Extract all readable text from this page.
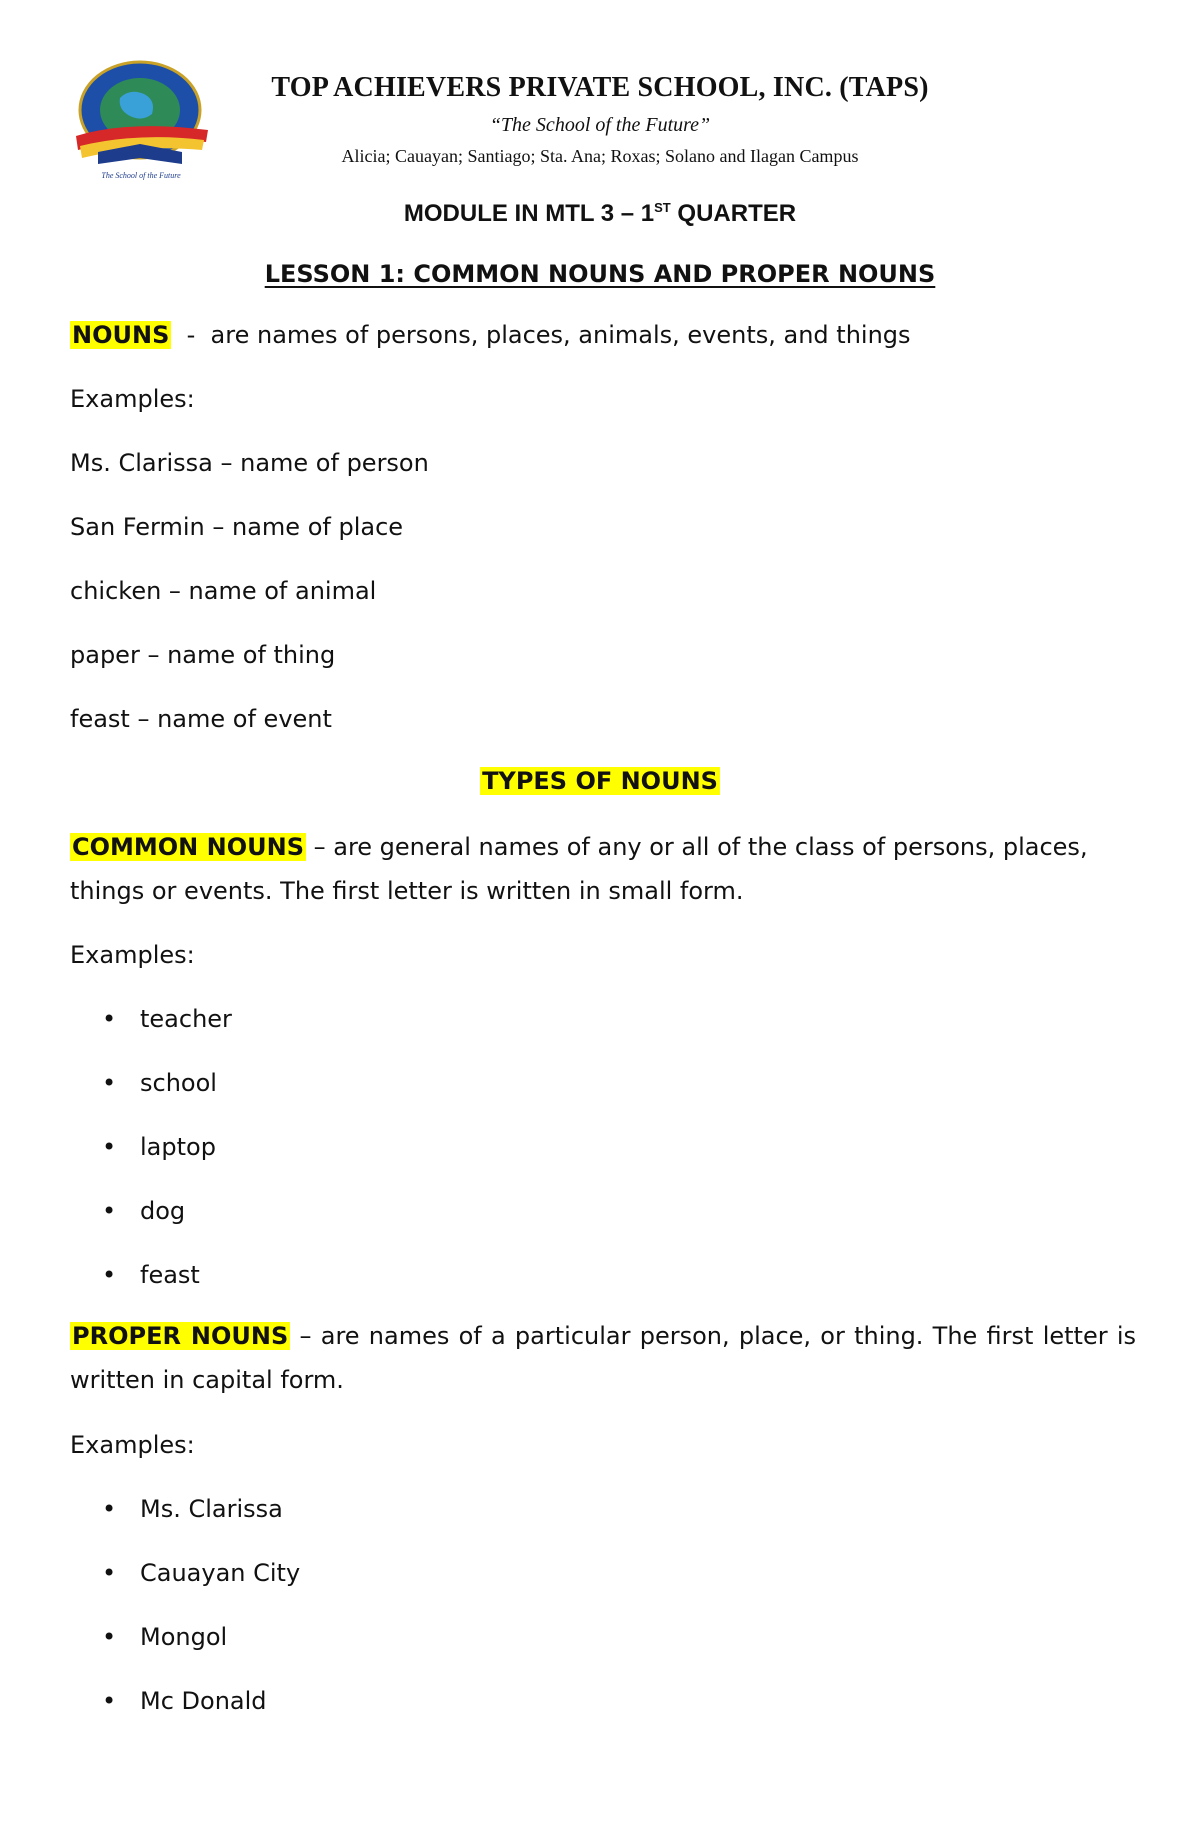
The School of the Future
TOP ACHIEVERS PRIVATE SCHOOL, INC. (TAPS)
“The School of the Future”
Alicia; Cauayan; Santiago; Sta. Ana; Roxas; Solano and Ilagan Campus
MODULE IN MTL 3 – 1ST QUARTER
LESSON 1: COMMON NOUNS AND PROPER NOUNS
NOUNS  -  are names of persons, places, animals, events, and things
Examples:
Ms. Clarissa – name of person
San Fermin – name of place
chicken – name of animal
paper – name of thing
feast – name of event
TYPES OF NOUNS
COMMON NOUNS – are general names of any or all of the class of persons, places, things or events. The first letter is written in small form.
Examples:
• teacher
• school
• laptop
• dog
• feast
PROPER NOUNS – are names of a particular person, place, or thing. The first letter is written in capital form.
Examples:
• Ms. Clarissa
• Cauayan City
• Mongol
• Mc Donald
